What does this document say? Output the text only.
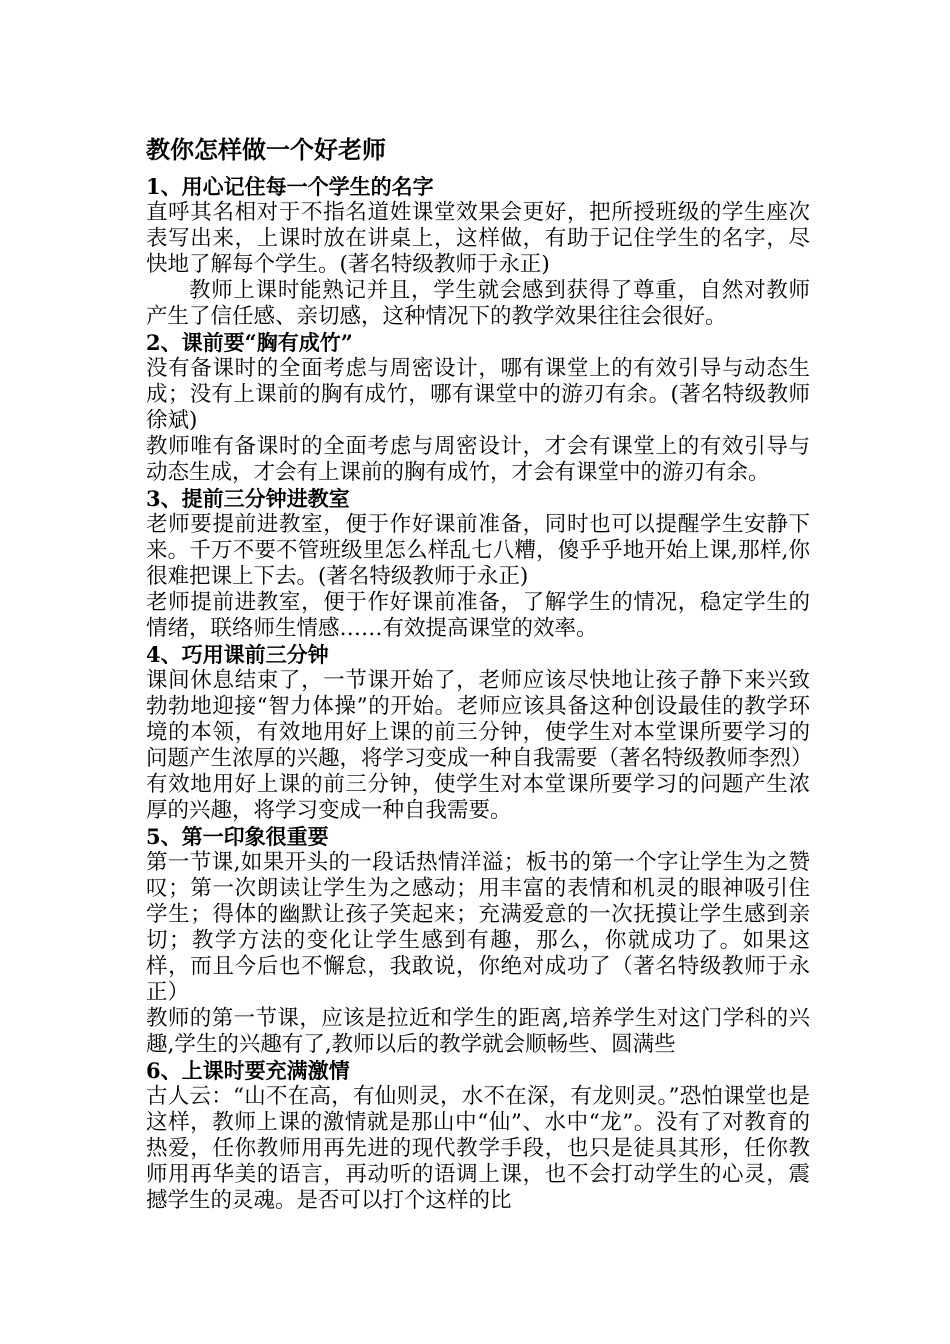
教你怎样做一个好老师

1、用心记住每一个学生的名字

直呼其名相对于不指名道姓课堂效果会更好，把所授班级的学生座次表写出来，上课时放在讲桌上，这样做，有助于记住学生的名字，尽快地了解每个学生。(著名特级教师于永正)

教师上课时能熟记并且，学生就会感到获得了尊重，自然对教师产生了信任感、亲切感，这种情况下的教学效果往往会很好。

2、课前要“胸有成竹”

没有备课时的全面考虑与周密设计，哪有课堂上的有效引导与动态生成；没有上课前的胸有成竹，哪有课堂中的游刃有余。(著名特级教师徐斌)

教师唯有备课时的全面考虑与周密设计，才会有课堂上的有效引导与动态生成，才会有上课前的胸有成竹，才会有课堂中的游刃有余。

3、提前三分钟进教室

老师要提前进教室，便于作好课前准备，同时也可以提醒学生安静下来。千万不要不管班级里怎么样乱七八糟，傻乎乎地开始上课,那样,你很难把课上下去。(著名特级教师于永正)

老师提前进教室，便于作好课前准备，了解学生的情况，稳定学生的情绪，联络师生情感……有效提高课堂的效率。

4、巧用课前三分钟

课间休息结束了，一节课开始了，老师应该尽快地让孩子静下来兴致勃勃地迎接“智力体操”的开始。老师应该具备这种创设最佳的教学环境的本领，有效地用好上课的前三分钟，使学生对本堂课所要学习的问题产生浓厚的兴趣，将学习变成一种自我需要（著名特级教师李烈）

有效地用好上课的前三分钟，使学生对本堂课所要学习的问题产生浓厚的兴趣，将学习变成一种自我需要。

5、第一印象很重要

第一节课,如果开头的一段话热情洋溢；板书的第一个字让学生为之赞叹；第一次朗读让学生为之感动；用丰富的表情和机灵的眼神吸引住学生；得体的幽默让孩子笑起来；充满爱意的一次抚摸让学生感到亲切；教学方法的变化让学生感到有趣，那么，你就成功了。如果这样，而且今后也不懈怠，我敢说，你绝对成功了（著名特级教师于永正）

教师的第一节课，应该是拉近和学生的距离,培养学生对这门学科的兴趣,学生的兴趣有了,教师以后的教学就会顺畅些、圆满些

6、上课时要充满激情

古人云：“山不在高，有仙则灵，水不在深，有龙则灵。”恐怕课堂也是这样，教师上课的激情就是那山中“仙”、水中“龙”。没有了对教育的热爱，任你教师用再先进的现代教学手段，也只是徒具其形，任你教师用再华美的语言，再动听的语调上课，也不会打动学生的心灵，震撼学生的灵魂。是否可以打个这样的比
